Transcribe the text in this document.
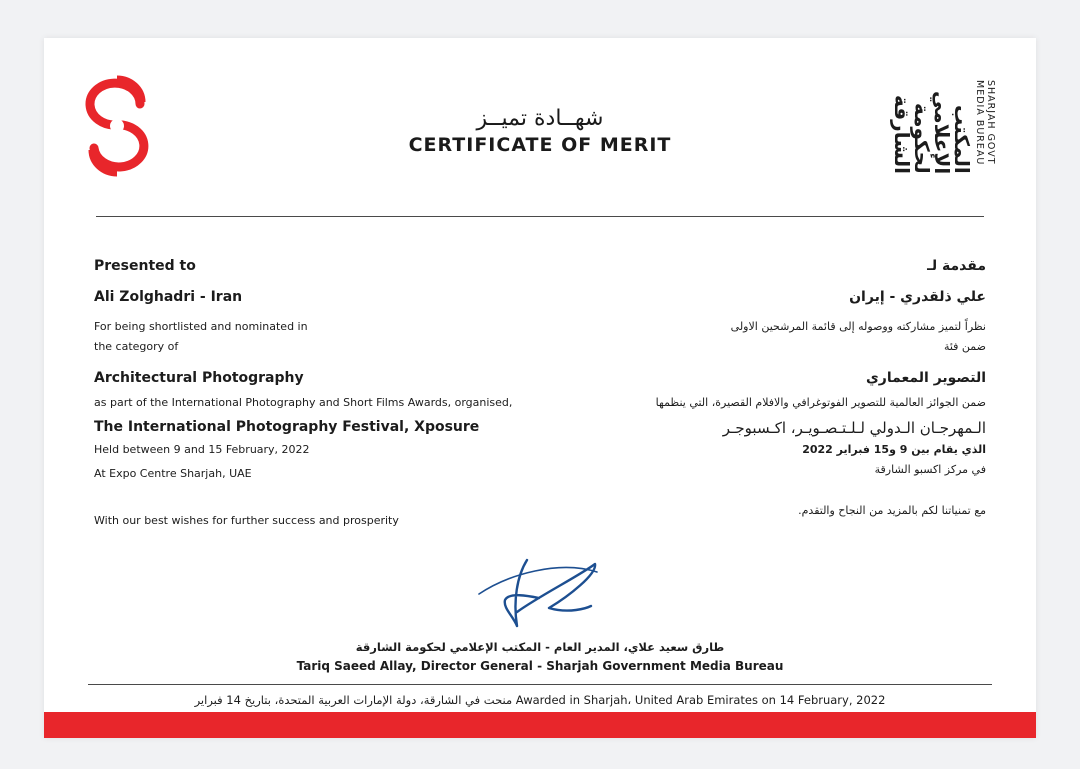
شهــادة تميــز
CERTIFICATE OF MERIT	المكتب الإعلامي لحكومة الشارقة	SHARJAH GOVT
MEDIA BUREAU
Presented to
Ali Zolghadri - Iran
For being shortlisted and nominated in
the category of
Architectural Photography
as part of the International Photography and Short Films Awards, organised,
The International Photography Festival, Xposure
Held between 9 and 15 February, 2022
At Expo Centre Sharjah, UAE
With our best wishes for further success and prosperity
مقدمة لـ
علي ذلقدري - إيران
نظراً لتميز مشاركته ووصوله إلى قائمة المرشحين الاولى
ضمن فئة
التصوير المعماري
ضمن الجوائز العالمية للتصوير الفوتوغرافي والافلام القصيرة، التي ينظمها
الـمهرجـان الـدولي لـلـتـصـويـر، اكـسبوجـر
الذي يقام بين 9 و15 فبراير 2022
في مركز اكسبو الشارقة
مع تمنياتنا لكم بالمزيد من النجاح والتقدم.
طارق سعيد علاي، المدير العام - المكتب الإعلامي لحكومة الشارقة
Tariq Saeed Allay, Director General - Sharjah Government Media Bureau
منحت في الشارقة، دولة الإمارات العربية المتحدة، بتاريخ 14 فبراير Awarded in Sharjah، United Arab Emirates on 14 February, 2022
